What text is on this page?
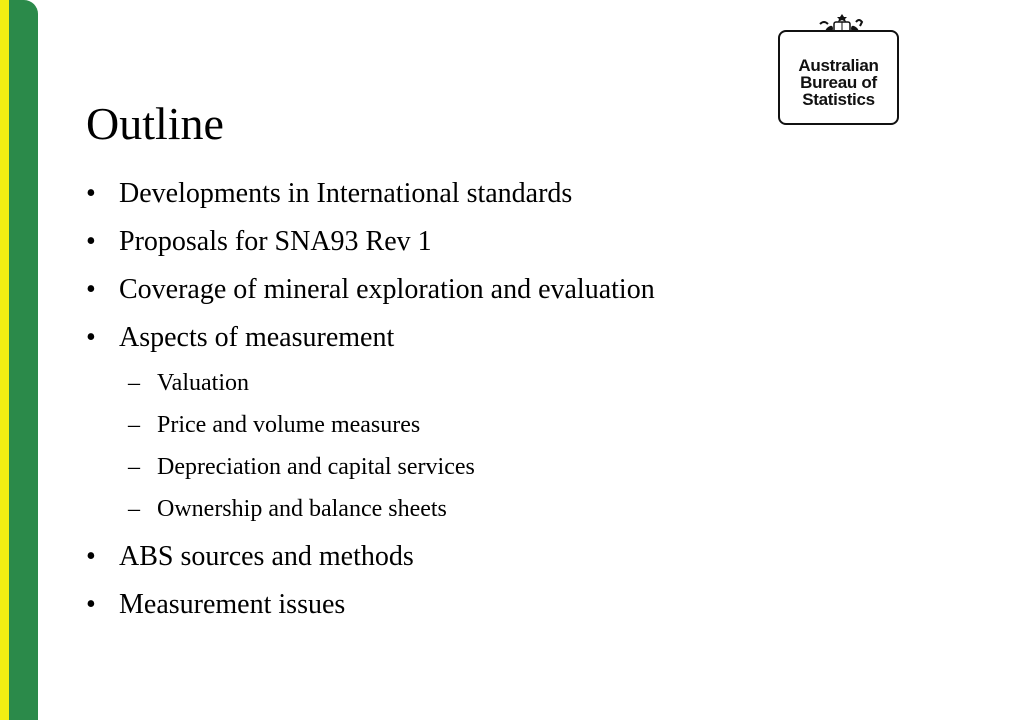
Australian
Bureau of
Statistics
Outline
• Developments in International standards
• Proposals for SNA93 Rev 1
• Coverage of mineral exploration and evaluation
• Aspects of measurement
– Valuation
– Price and volume measures
– Depreciation and capital services
– Ownership and balance sheets
• ABS sources and methods
• Measurement issues
